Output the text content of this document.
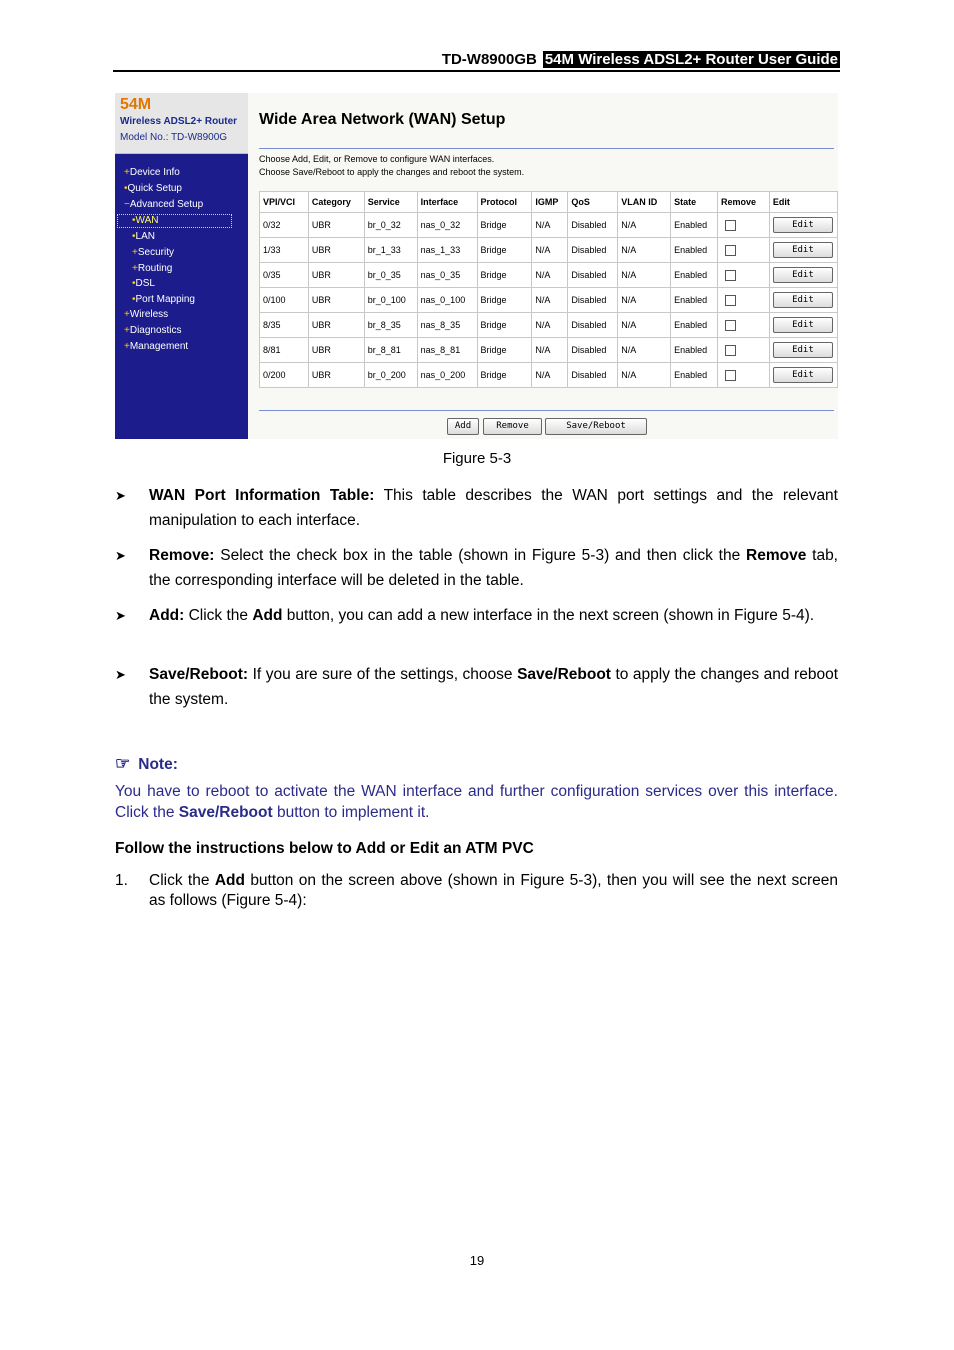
TD-W8900GB 54M Wireless ADSL2+ Router User Guide
54M
Wireless ADSL2+ Router
Model No.: TD-W8900G
+Device Info
•Quick Setup
−Advanced Setup
•WAN
•LAN
+Security
+Routing
•DSL
•Port Mapping
+Wireless
+Diagnostics
+Management
Wide Area Network (WAN) Setup
Choose Add, Edit, or Remove to configure WAN interfaces.
Choose Save/Reboot to apply the changes and reboot the system.
VPI/VCI	Category	Service	Interface	Protocol	IGMP	QoS	VLAN ID	State	Remove	Edit
0/32	UBR	br_0_32	nas_0_32	Bridge	N/A	Disabled	N/A	Enabled		Edit
1/33	UBR	br_1_33	nas_1_33	Bridge	N/A	Disabled	N/A	Enabled		Edit
0/35	UBR	br_0_35	nas_0_35	Bridge	N/A	Disabled	N/A	Enabled		Edit
0/100	UBR	br_0_100	nas_0_100	Bridge	N/A	Disabled	N/A	Enabled		Edit
8/35	UBR	br_8_35	nas_8_35	Bridge	N/A	Disabled	N/A	Enabled		Edit
8/81	UBR	br_8_81	nas_8_81	Bridge	N/A	Disabled	N/A	Enabled		Edit
0/200	UBR	br_0_200	nas_0_200	Bridge	N/A	Disabled	N/A	Enabled		Edit
Add	Remove	Save/Reboot
Figure 5-3
➤ WAN Port Information Table: This table describes the WAN port settings and the relevant manipulation to each interface.
➤ Remove: Select the check box in the table (shown in Figure 5-3) and then click the Remove tab, the corresponding interface will be deleted in the table.
➤ Add: Click the Add button, you can add a new interface in the next screen (shown in Figure 5-4).
➤ Save/Reboot: If you are sure of the settings, choose Save/Reboot to apply the changes and reboot the system.
☞ Note:
You have to reboot to activate the WAN interface and further configuration services over this interface. Click the Save/Reboot button to implement it.
Follow the instructions below to Add or Edit an ATM PVC
1. Click the Add button on the screen above (shown in Figure 5-3), then you will see the next screen as follows (Figure 5-4):
19
